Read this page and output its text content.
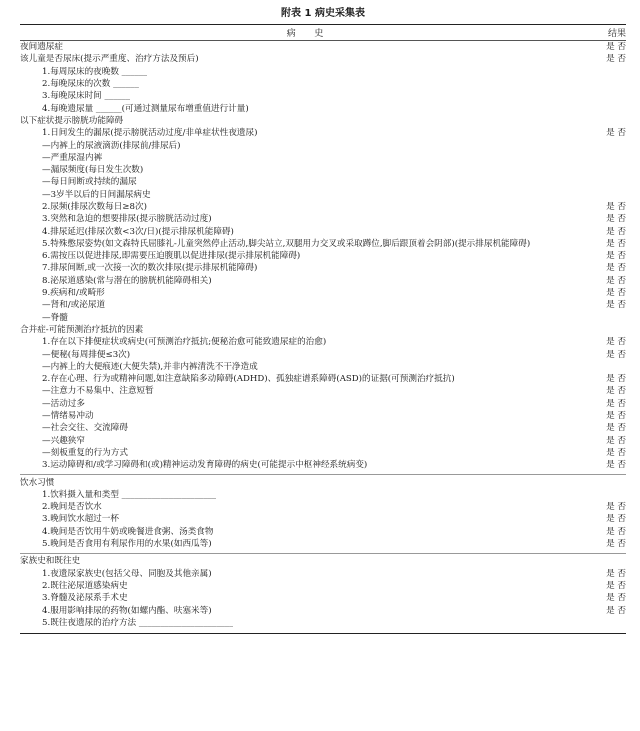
附表 1 病史采集表
病 史	结果
夜间遗尿症	是 否
该儿童是否尿床(提示严重度、治疗方法及预后)	是 否
1.每周尿床的夜晚数 ______
2.每晚尿床的次数 ______
3.每晚尿床时间 ______
4.每晚遗尿量 ______(可通过测量尿布增重值进行计量)
以下症状提示膀胱功能障碍
1.日间发生的漏尿(提示膀胱活动过度/非单症状性夜遗尿)	是 否
—内裤上的尿液滴沥(排尿前/排尿后)
—严重尿湿内裤
—漏尿频度(每日发生次数)
—每日间断或持续的漏尿
—3岁半以后的日间漏尿病史
2.尿频(排尿次数每日≥8次)	是 否
3.突然和急迫的想要排尿(提示膀胱活动过度)	是 否
4.排尿延迟(排尿次数<3次/日)(提示排尿机能障碍)	是 否
5.特殊憋尿姿势(如文森特氏屈膝礼-儿童突然停止活动,脚尖站立,双腿用力交叉或采取蹲位,脚后跟顶着会阴部)(提示排尿机能障碍)	是 否
6.需按压以促进排尿,即需要压迫腹肌以促进排尿(提示排尿机能障碍)	是 否
7.排尿间断,或一次接一次的数次排尿(提示排尿机能障碍)	是 否
8.泌尿道感染(常与潜在的膀胱机能障碍相关)	是 否
9.疾病和/或畸形	是 否
—肾和/或泌尿道	是 否
—脊髓
合并症-可能预测治疗抵抗的因素
1.存在以下排便症状或病史(可预测治疗抵抗;便秘治愈可能致遗尿症的治愈)	是 否
—便秘(每周排便≤3次)	是 否
—内裤上的大便痕迹(大便失禁),并非内裤清洗不干净造成
2.存在心理、行为或精神问题,如注意缺陷多动障碍(ADHD)、孤独症谱系障碍(ASD)的证据(可预测治疗抵抗)	是 否
—注意力不易集中、注意短暂	是 否
—活动过多	是 否
—情绪易冲动	是 否
—社会交往、交流障碍	是 否
—兴趣狭窄	是 否
—刻板重复的行为方式	是 否
3.运动障碍和/或学习障碍和(或)精神运动发育障碍的病史(可能提示中枢神经系统病变)	是 否
饮水习惯
1.饮料摄入量和类型 ______________________
2.晚间是否饮水	是 否
3.晚间饮水超过一杯	是 否
4.晚间是否饮用牛奶或晚餐进食粥、汤类食物	是 否
5.晚间是否食用有利尿作用的水果(如西瓜等)	是 否
家族史和既往史
1.夜遗尿家族史(包括父母、同胞及其他亲属)	是 否
2.既往泌尿道感染病史	是 否
3.脊髓及泌尿系手术史	是 否
4.服用影响排尿的药物(如螺内酯、呋塞米等)	是 否
5.既往夜遗尿的治疗方法 ______________________
